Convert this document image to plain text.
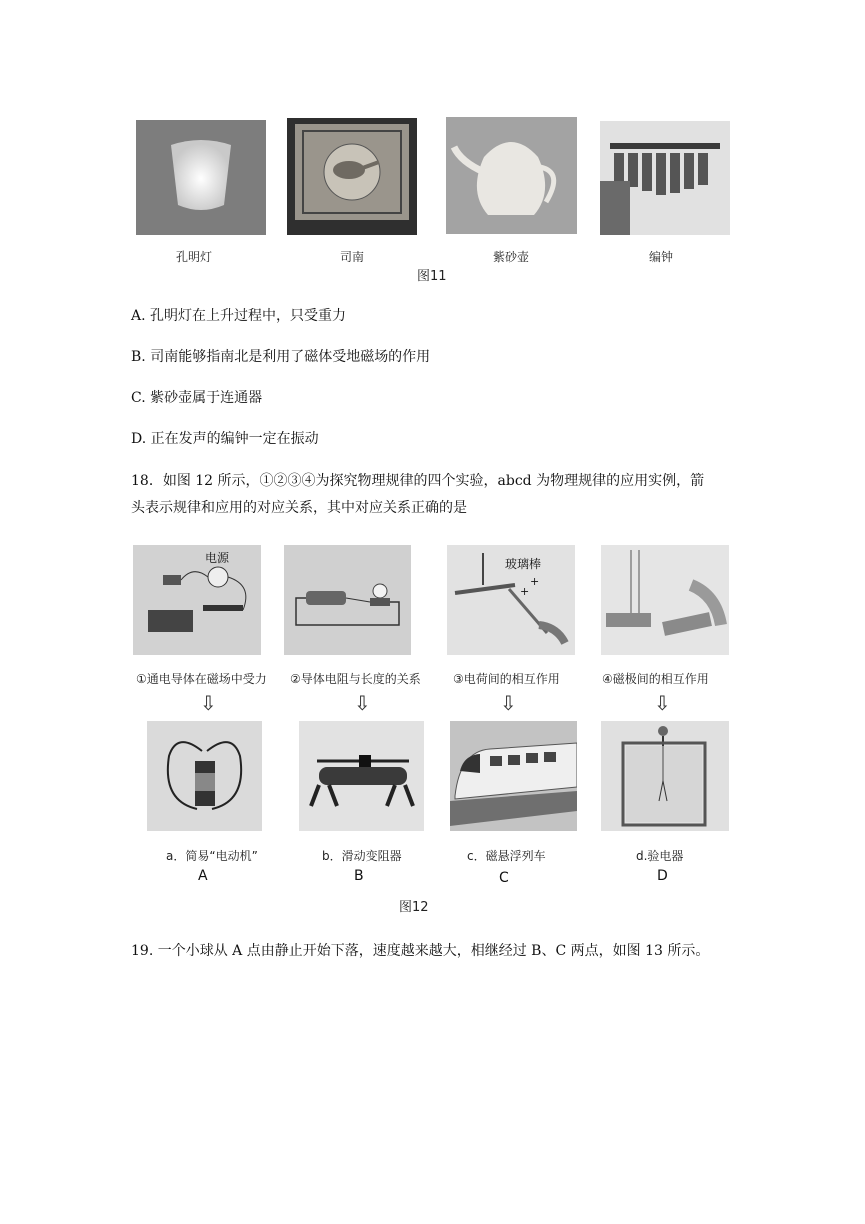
孔明灯	司南	紫砂壶	编钟
图11
A. 孔明灯在上升过程中，只受重力
B. 司南能够指南北是利用了磁体受地磁场的作用
C. 紫砂壶属于连通器
D. 正在发声的编钟一定在振动
18．如图 12 所示，①②③④为探究物理规律的四个实验，abcd 为物理规律的应用实例，箭
头表示规律和应用的对应关系，其中对应关系正确的是
电源	玻璃棒
+
+
①通电导体在磁场中受力 ②导体电阻与长度的关系	③电荷间的相互作用	④磁极间的相互作用
⇩	⇩	⇩	⇩
a．简易“电动机”	b．滑动变阻器	c．磁悬浮列车	d.验电器
A	B	C	D
图12
19. 一个小球从 A 点由静止开始下落，速度越来越大，相继经过 B、C 两点，如图 13 所示。
